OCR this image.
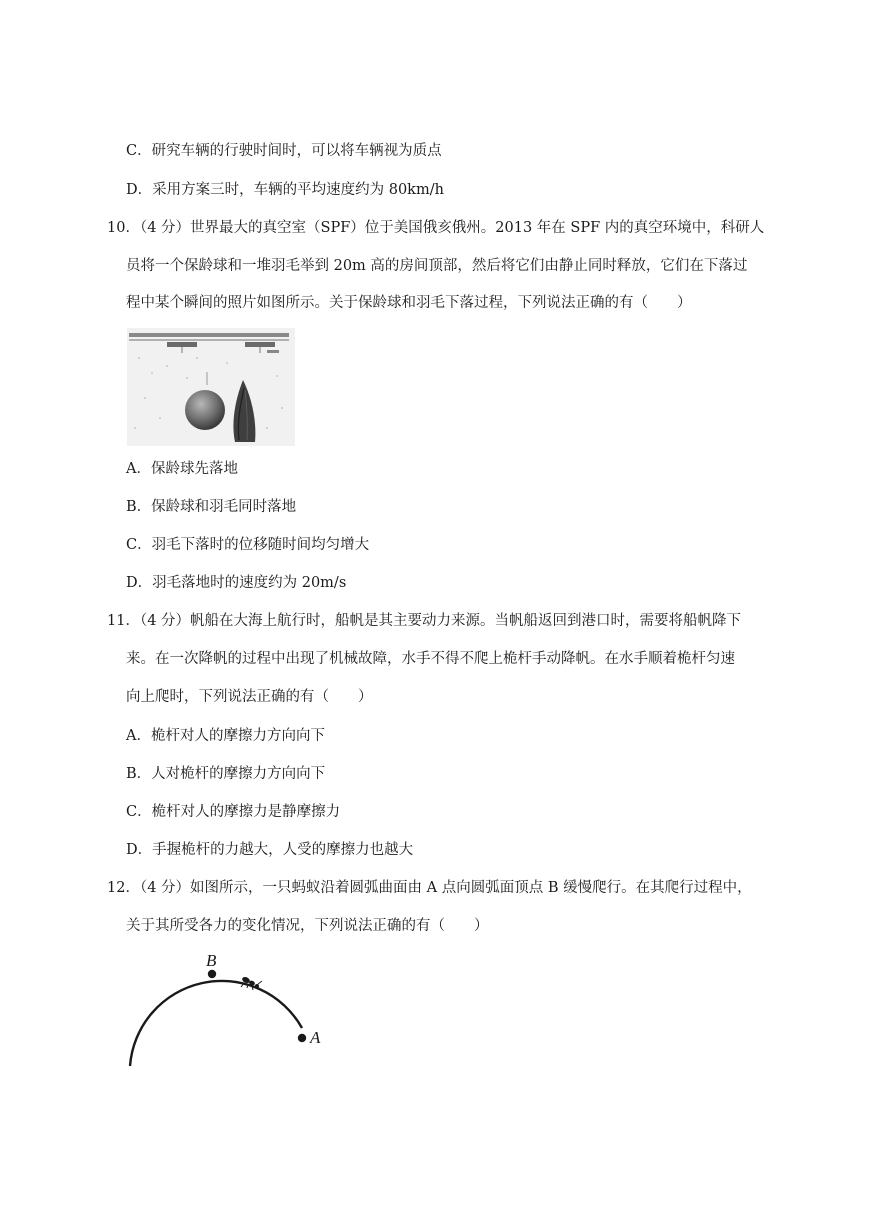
C．研究车辆的行驶时间时，可以将车辆视为质点
D．采用方案三时，车辆的平均速度约为 80km/h
10．（4 分）世界最大的真空室（SPF）位于美国俄亥俄州。2013 年在 SPF 内的真空环境中，科研人
员将一个保龄球和一堆羽毛举到 20m 高的房间顶部，然后将它们由静止同时释放，它们在下落过
程中某个瞬间的照片如图所示。关于保龄球和羽毛下落过程，下列说法正确的有（　　）
A．保龄球先落地
B．保龄球和羽毛同时落地
C．羽毛下落时的位移随时间均匀增大
D．羽毛落地时的速度约为 20m/s
11．（4 分）帆船在大海上航行时，船帆是其主要动力来源。当帆船返回到港口时，需要将船帆降下
来。在一次降帆的过程中出现了机械故障，水手不得不爬上桅杆手动降帆。在水手顺着桅杆匀速
向上爬时，下列说法正确的有（　　）
A．桅杆对人的摩擦力方向向下
B．人对桅杆的摩擦力方向向下
C．桅杆对人的摩擦力是静摩擦力
D．手握桅杆的力越大，人受的摩擦力也越大
12．（4 分）如图所示，一只蚂蚁沿着圆弧曲面由 A 点向圆弧面顶点 B 缓慢爬行。在其爬行过程中，
关于其所受各力的变化情况，下列说法正确的有（　　）
B
A
